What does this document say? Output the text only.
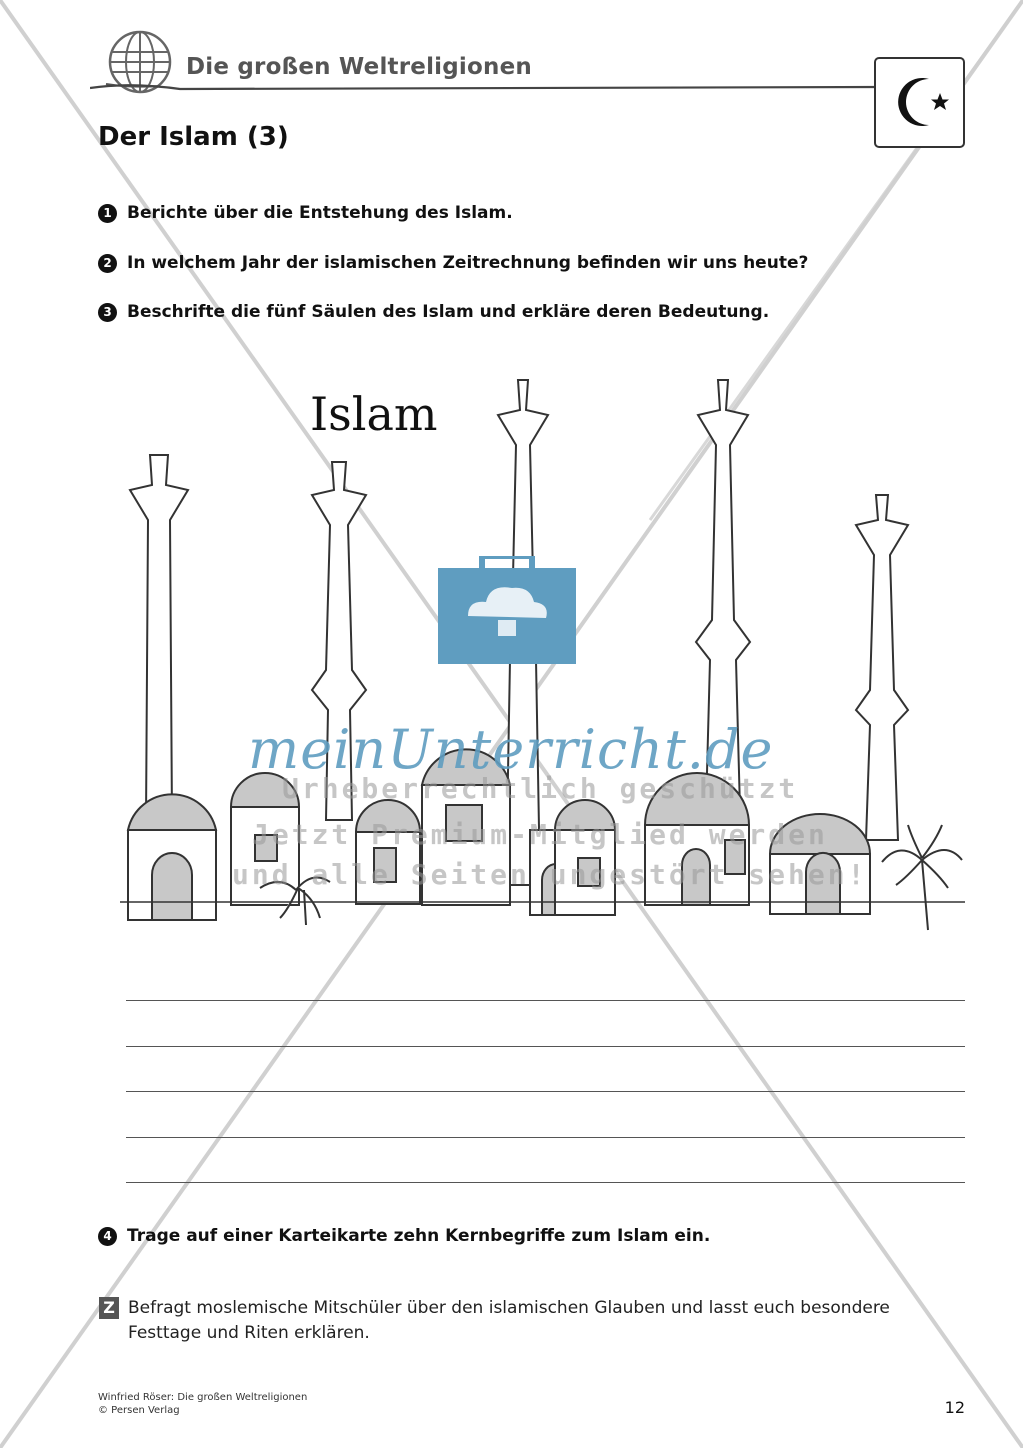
Die großen Weltreligionen
Der Islam (3)
1 Berichte über die Entstehung des Islam.
2 In welchem Jahr der islamischen Zeitrechnung befinden wir uns heute?
3 Beschrifte die fünf Säulen des Islam und erkläre deren Bedeutung.
Islam
meinUnterricht.de
Urheberrechtlich geschützt
Jetzt Premium-Mitglied werden
und alle Seiten ungestört sehen!
4 Trage auf einer Karteikarte zehn Kernbegriffe zum Islam ein.
Z Befragt moslemische Mitschüler über den islamischen Glauben und lasst euch besondere Festtage und Riten erklären.
Winfried Röser: Die großen Weltreligionen
© Persen Verlag	12
